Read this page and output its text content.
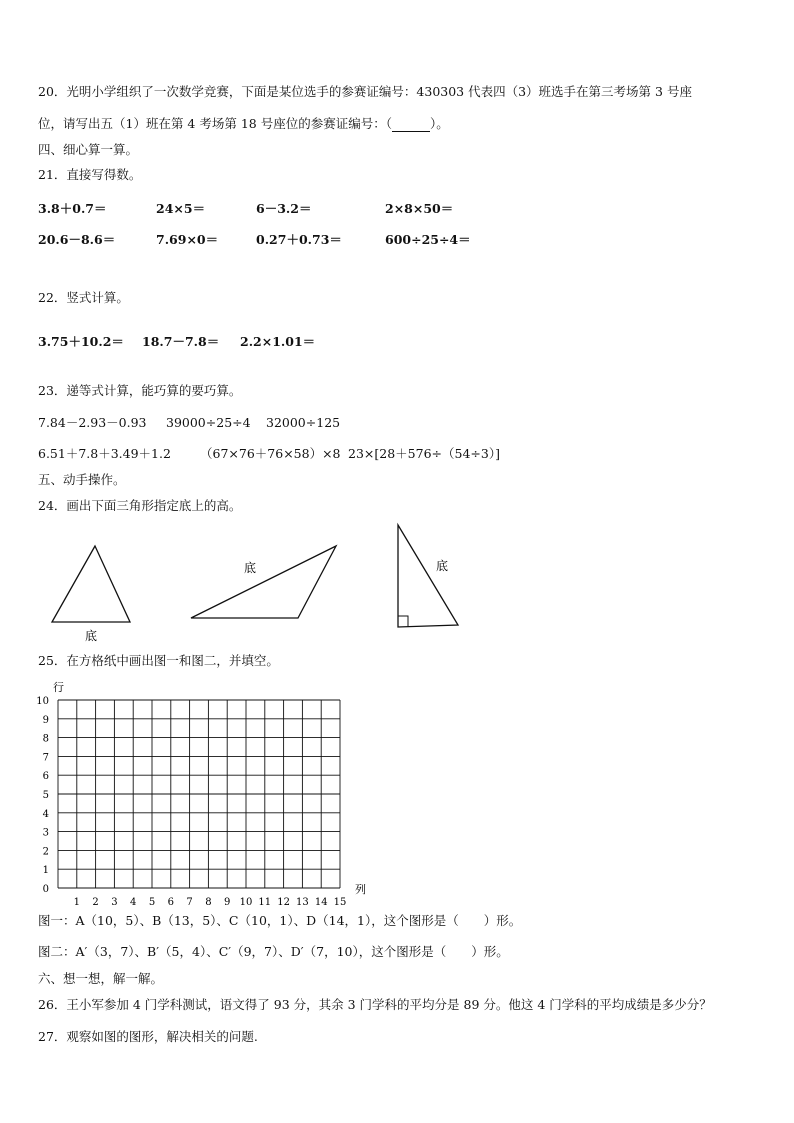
20．光明小学组织了一次数学竞赛，下面是某位选手的参赛证编号：430303 代表四（3）班选手在第三考场第 3 号座
位，请写出五（1）班在第 4 考场第 18 号座位的参赛证编号：（	）。
四、细心算一算。
21．直接写得数。
3.8＋0.7＝	24×5＝	6－3.2＝	2×8×50＝
20.6－8.6＝	7.69×0＝	0.27＋0.73＝	600÷25÷4＝
22．竖式计算。
3.75＋10.2＝ 18.7－7.8＝ 2.2×1.01＝
23．递等式计算，能巧算的要巧算。
7.84－2.93－0.93 39000÷25÷4 32000÷125
6.51＋7.8＋3.49＋1.2 （67×76＋76×58）×8 23×[28＋576÷（54÷3）]
五、动手操作。
24．画出下面三角形指定底上的高。
底
底	底
25．在方格纸中画出图一和图二，并填空。
行
列
10
9
8
7
6
5
4
3
2
1
0
1 2 3 4 5 6 7 8 9 10 11 12 13 14 15
图一：A（10，5）、B（13，5）、C（10，1）、D（14，1），这个图形是（　　）形。
图二：A′（3，7）、B′（5，4）、C′（9，7）、D′（7，10），这个图形是（　　）形。
六、想一想，解一解。
26．王小军参加 4 门学科测试，语文得了 93 分，其余 3 门学科的平均分是 89 分。他这 4 门学科的平均成绩是多少分？
27．观察如图的图形，解决相关的问题.
